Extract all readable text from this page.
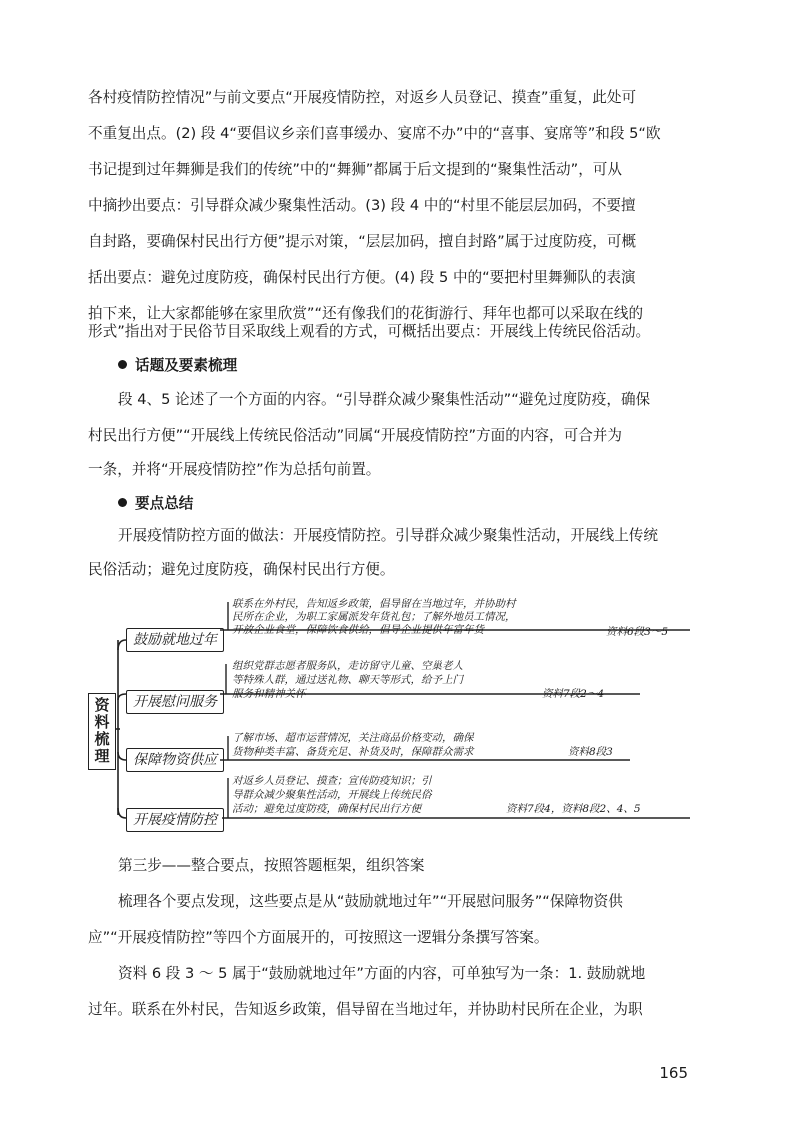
各村疫情防控情况”与前文要点“开展疫情防控，对返乡人员登记、摸查”重复，此处可
不重复出点。(2) 段 4“要倡议乡亲们喜事缓办、宴席不办”中的“喜事、宴席等”和段 5“欧
书记提到过年舞狮是我们的传统”中的“舞狮”都属于后文提到的“聚集性活动”，可从
中摘抄出要点：引导群众减少聚集性活动。(3) 段 4 中的“村里不能层层加码，不要擅
自封路，要确保村民出行方便”提示对策，“层层加码，擅自封路”属于过度防疫，可概
括出要点：避免过度防疫，确保村民出行方便。(4) 段 5 中的“要把村里舞狮队的表演
拍下来，让大家都能够在家里欣赏”“还有像我们的花街游行、拜年也都可以采取在线的
形式”指出对于民俗节目采取线上观看的方式，可概括出要点：开展线上传统民俗活动。
话题及要素梳理
段 4、5 论述了一个方面的内容。“引导群众减少聚集性活动”“避免过度防疫，确保
村民出行方便”“开展线上传统民俗活动”同属“开展疫情防控”方面的内容，可合并为
一条，并将“开展疫情防控”作为总括句前置。
要点总结
开展疫情防控方面的做法：开展疫情防控。引导群众减少聚集性活动，开展线上传统
民俗活动；避免过度防疫，确保村民出行方便。
资
料
梳
理
鼓励就地过年
联系在外村民，告知返乡政策，倡导留在当地过年，并协助村
民所在企业，为职工家属派发年货礼包；了解外地员工情况，
开放企业食堂，保障饮食供给，倡导企业提供年富年货	资料6段3～5
开展慰问服务
组织党群志愿者服务队，走访留守儿童、空巢老人
等特殊人群，通过送礼物、聊天等形式，给予上门
服务和精神关怀	资料7段2～4
保障物资供应
了解市场、超市运营情况，关注商品价格变动，确保
货物种类丰富、备货充足、补货及时，保障群众需求	资料8段3
开展疫情防控
对返乡人员登记、摸查；宣传防疫知识；引
导群众减少聚集性活动，开展线上传统民俗
活动；避免过度防疫，确保村民出行方便	资料7段4，资料8段2、4、5
第三步——整合要点，按照答题框架，组织答案
梳理各个要点发现，这些要点是从“鼓励就地过年”“开展慰问服务”“保障物资供
应”“开展疫情防控”等四个方面展开的，可按照这一逻辑分条撰写答案。
资料 6 段 3 ～ 5 属于“鼓励就地过年”方面的内容，可单独写为一条：1. 鼓励就地
过年。联系在外村民，告知返乡政策，倡导留在当地过年，并协助村民所在企业，为职
165
